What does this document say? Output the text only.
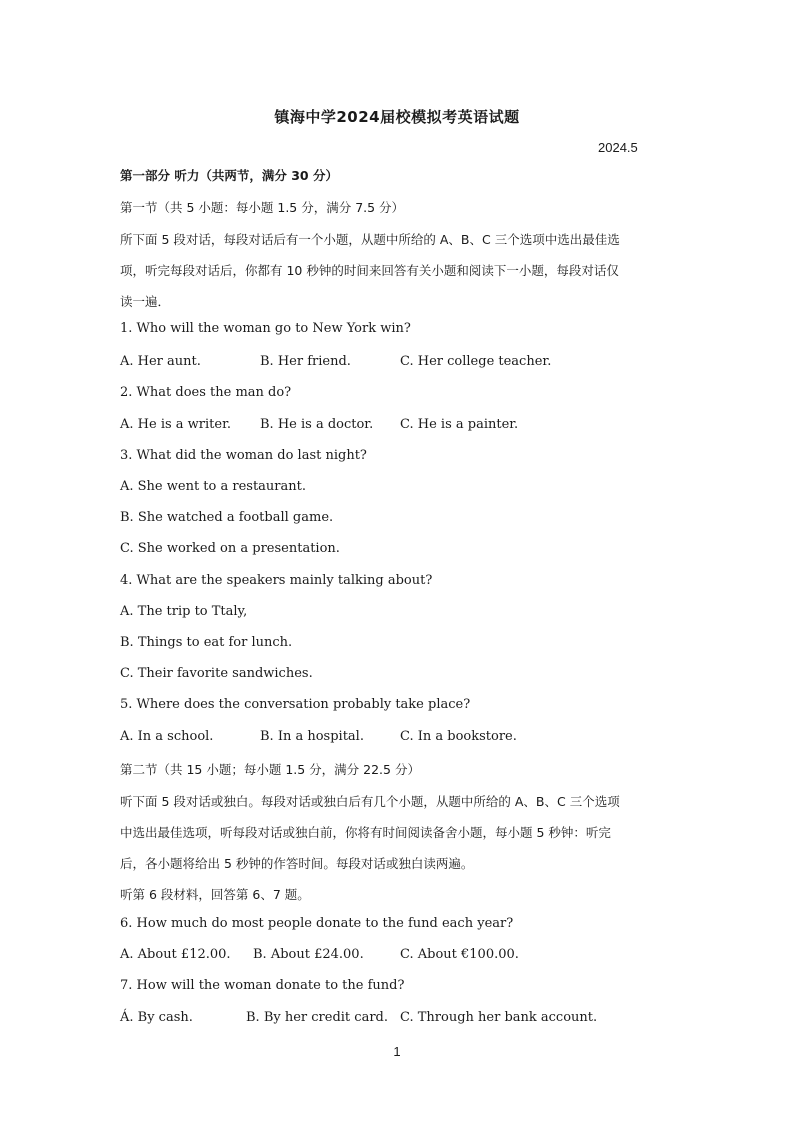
镇海中学2024届校模拟考英语试题
2024.5
第一部分 听力（共两节，满分 30 分）
第一节（共 5 小题：每小题 1.5 分，满分 7.5 分）
所下面 5 段对话，每段对话后有一个小题，从题中所给的 A、B、C 三个选项中选出最佳选
项，听完每段对话后，你都有 10 秒钟的时间来回答有关小题和阅读下一小题，每段对话仅
读一遍．
1. Who will the woman go to New York win?
A. Her aunt.	B. Her friend.	C. Her college teacher.
2. What does the man do?
A. He is a writer. B. He is a doctor. C. He is a painter.
3. What did the woman do last night?
A. She went to a restaurant.
B. She watched a football game.
C. She worked on a presentation.
4. What are the speakers mainly talking about?
A. The trip to Ttaly,
B. Things to eat for lunch.
C. Their favorite sandwiches.
5. Where does the conversation probably take place?
A. In a school.	B. In a hospital.	C. In a bookstore.
第二节（共 15 小题；每小题 1.5 分，满分 22.5 分）
听下面 5 段对话或独白。每段对话或独白后有几个小题，从题中所给的 A、B、C 三个选项
中选出最佳选项，听每段对话或独白前，你将有时间阅读备舍小题，每小题 5 秒钟：听完
后，各小题将给出 5 秒钟的作答时间。每段对话或独白读两遍。
听第 6 段材料，回答第 6、7 题。
6. How much do most people donate to the fund each year?
A. About £12.00. B. About £24.00.	C. About €100.00.
7. How will the woman donate to the fund?
Á. By cash.	B. By her credit card. C. Through her bank account.
1
